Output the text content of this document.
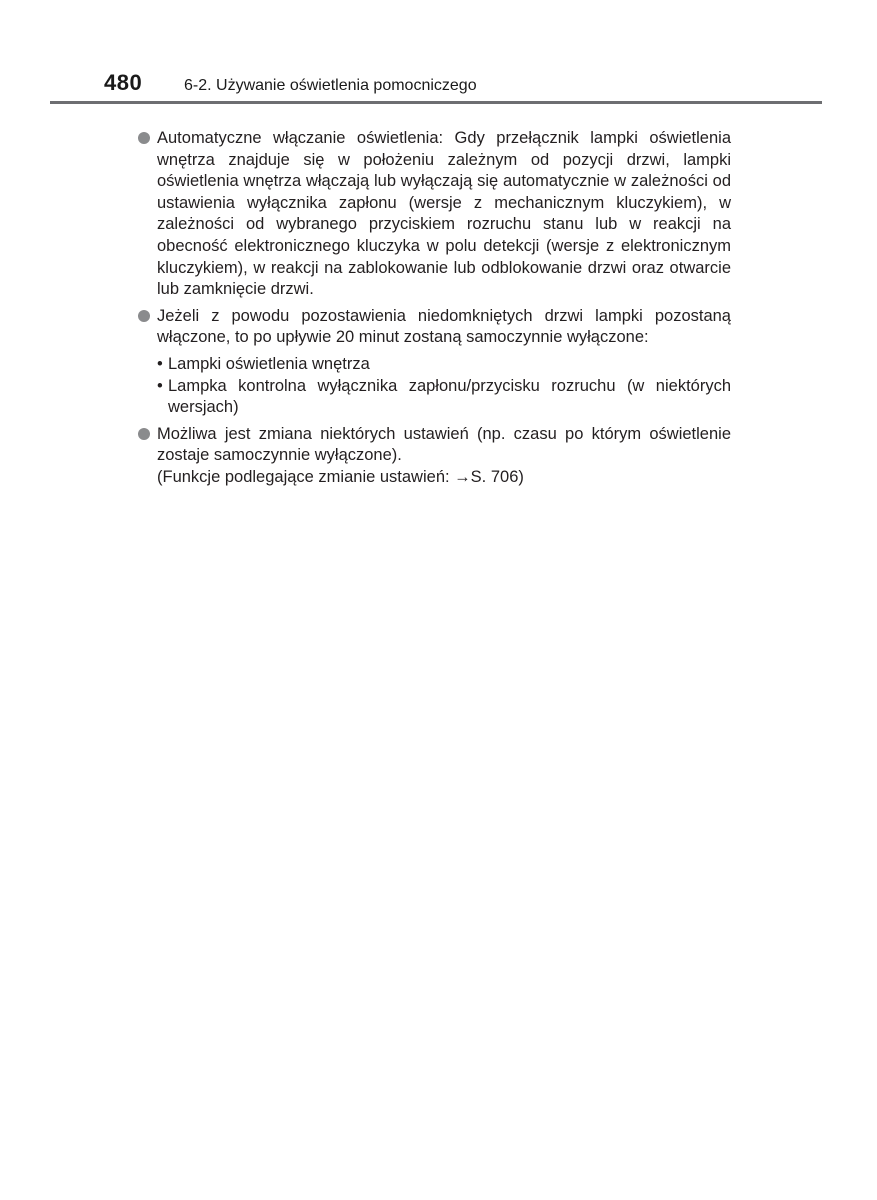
480	6-2. Używanie oświetlenia pomocniczego
Automatyczne włączanie oświetlenia: Gdy przełącznik lampki oświetlenia wnętrza znajduje się w położeniu zależnym od pozycji drzwi, lampki oświetlenia wnętrza włączają lub wyłączają się automatycznie w zależności od ustawienia wyłącznika zapłonu (wersje z mechanicznym kluczykiem), w zależności od wybranego przyciskiem rozruchu stanu lub w reakcji na obecność elektronicznego kluczyka w polu detekcji (wersje z elektronicznym kluczykiem), w reakcji na zablokowanie lub odblokowanie drzwi oraz otwarcie lub zamknięcie drzwi.
Jeżeli z powodu pozostawienia niedomkniętych drzwi lampki pozostaną włączone, to po upływie 20 minut zostaną samoczynnie wyłączone:
• Lampki oświetlenia wnętrza
• Lampka kontrolna wyłącznika zapłonu/przycisku rozruchu (w niektórych wersjach)
Możliwa jest zmiana niektórych ustawień (np. czasu po którym oświetlenie zostaje samoczynnie wyłączone).
(Funkcje podlegające zmianie ustawień: →S. 706)
